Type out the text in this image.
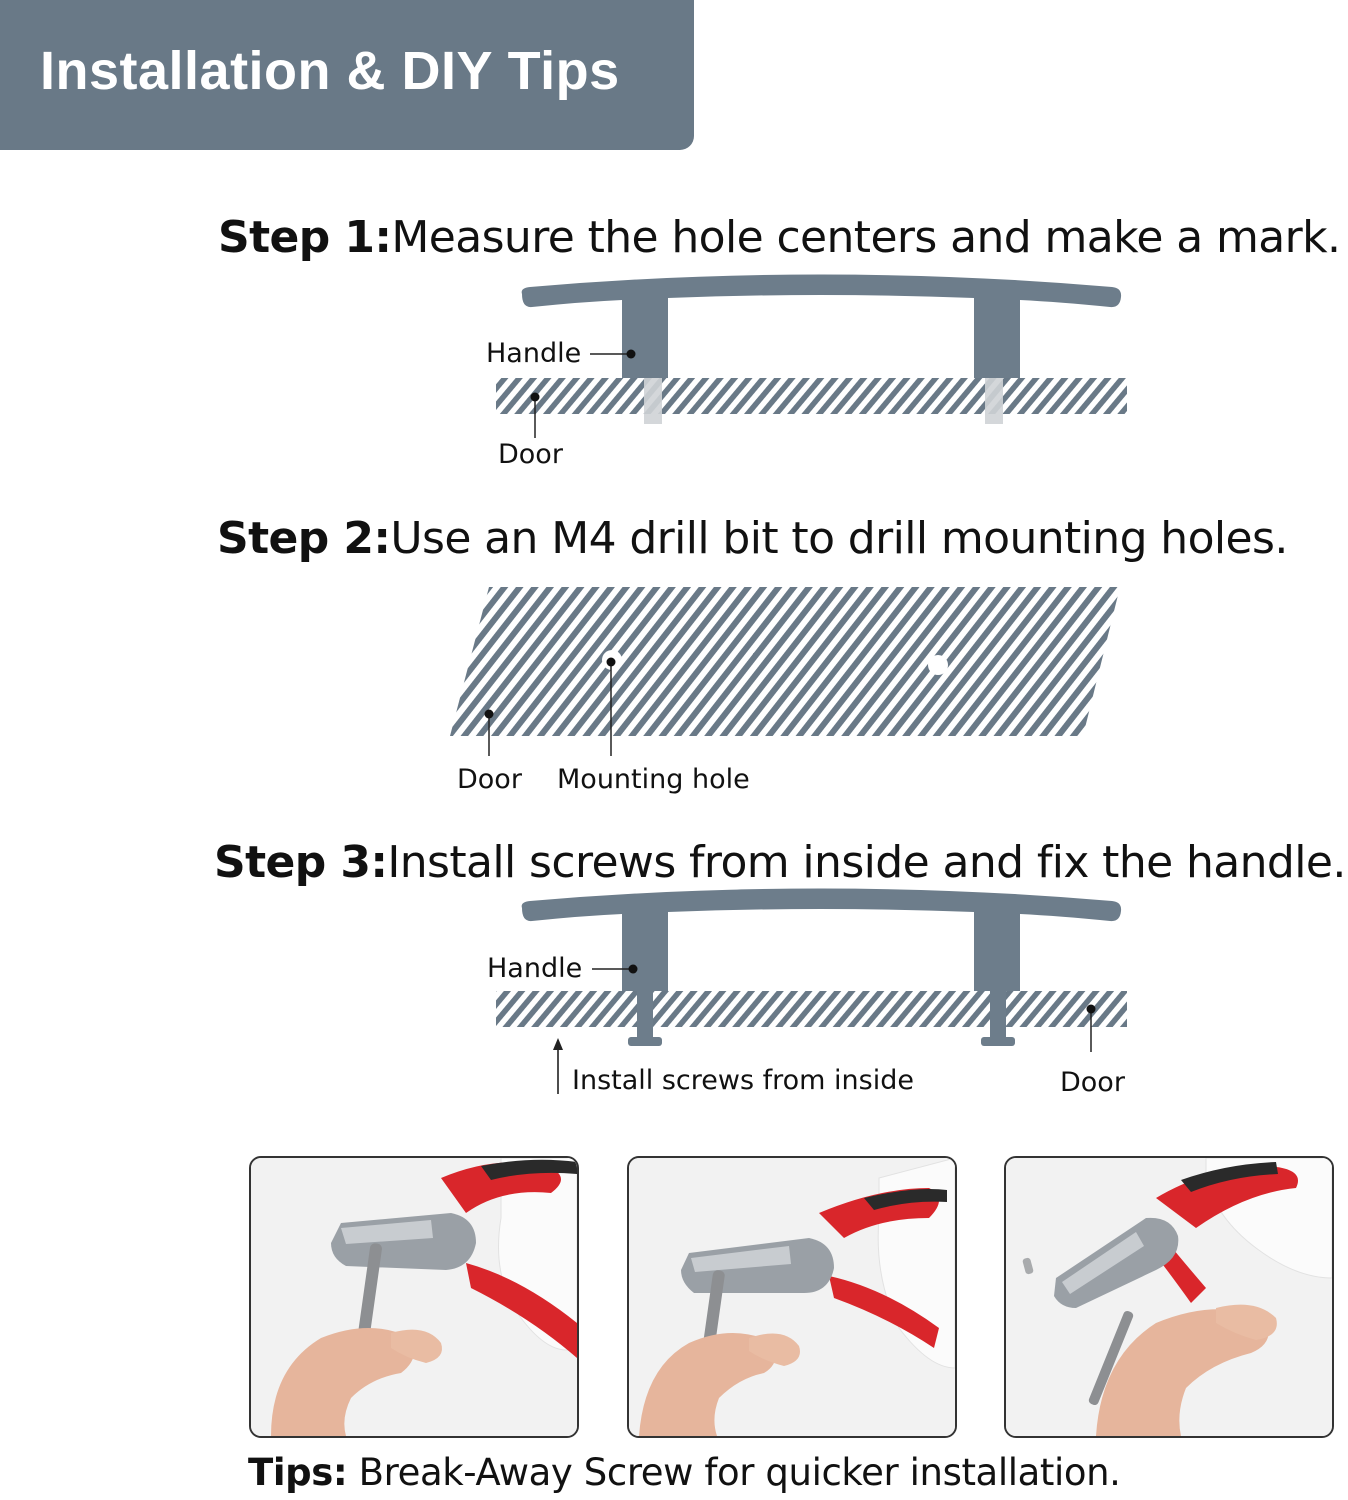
Installation & DIY Tips
Step 1:Measure the hole centers and make a mark.
Step 2:Use an M4 drill bit to drill mounting holes.
Step 3:Install screws from inside and fix the handle.
Handle
Door
Door Mounting hole
Handle
Install screws from inside	Door
Tips: Break-Away Screw for quicker installation.
